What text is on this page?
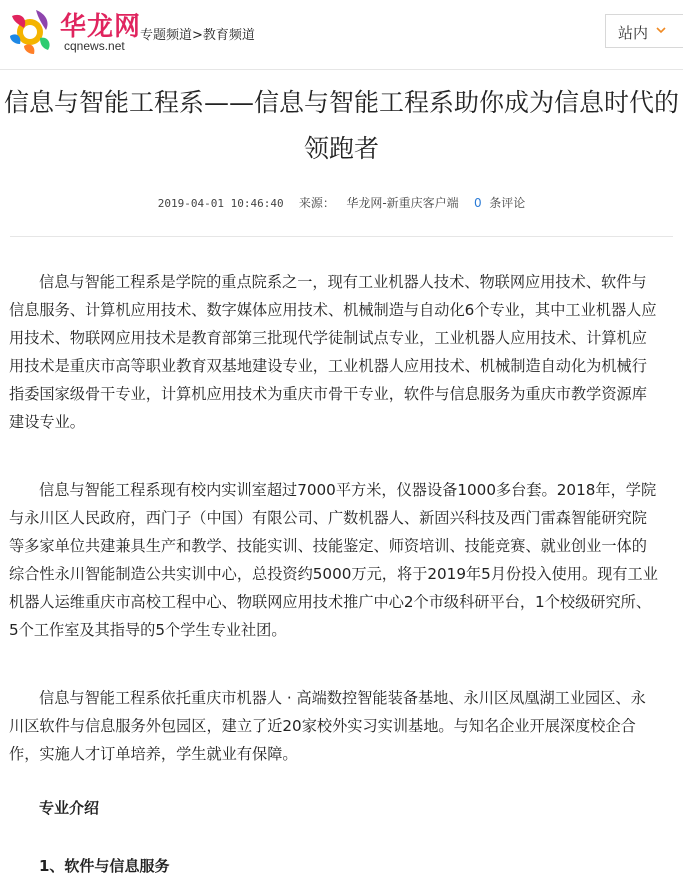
华龙网
cqnews.net
专题频道>教育频道	站内
信息与智能工程系——信息与智能工程系助你成为信息时代的领跑者
2019-04-01 10:46:40 来源： 华龙网-新重庆客户端 0 条评论

信息与智能工程系是学院的重点院系之一，现有工业机器人技术、物联网应用技术、软件与信息服务、计算机应用技术、数字媒体应用技术、机械制造与自动化6个专业，其中工业机器人应用技术、物联网应用技术是教育部第三批现代学徒制试点专业，工业机器人应用技术、计算机应用技术是重庆市高等职业教育双基地建设专业，工业机器人应用技术、机械制造自动化为机械行指委国家级骨干专业，计算机应用技术为重庆市骨干专业，软件与信息服务为重庆市教学资源库建设专业。

信息与智能工程系现有校内实训室超过7000平方米，仪器设备1000多台套。2018年，学院与永川区人民政府，西门子（中国）有限公司、广数机器人、新固兴科技及西门雷森智能研究院等多家单位共建兼具生产和教学、技能实训、技能鉴定、师资培训、技能竞赛、就业创业一体的综合性永川智能制造公共实训中心，总投资约5000万元，将于2019年5月份投入使用。现有工业机器人运维重庆市高校工程中心、物联网应用技术推广中心2个市级科研平台，1个校级研究所、5个工作室及其指导的5个学生专业社团。

信息与智能工程系依托重庆市机器人 · 高端数控智能装备基地、永川区凤凰湖工业园区、永川区软件与信息服务外包园区，建立了近20家校外实习实训基地。与知名企业开展深度校企合作，实施人才订单培养，学生就业有保障。

专业介绍
1、软件与信息服务
